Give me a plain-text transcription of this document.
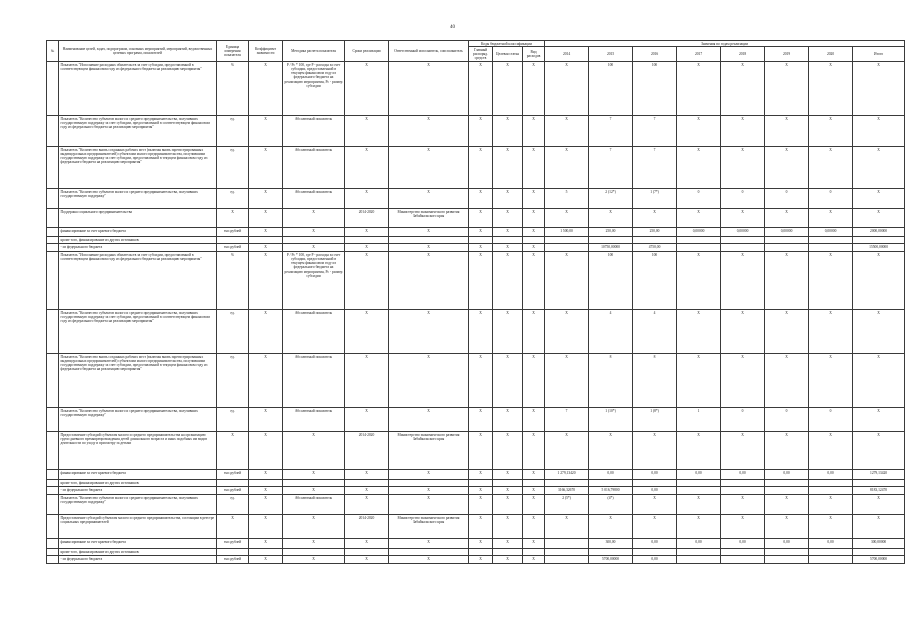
40
№	Наименование целей, задач, подпрограмм, основных мероприятий, мероприятий, ведомственных целевых программ, показателей	Единица измерения показателя	Коэффициент значимости	Методика расчета показателя	Сроки реализации	Ответственный исполнитель, соисполнитель	Коды бюджетной классификации			Значения по годам реализации							
							Главный распоряд. средств	Целевая статья	Вид расходов	2014	2015	2016	2017	2018	2019	2020	Итого
	Показатель "Исполнение расходных обязательств за счет субсидии, предоставленной в соответствующем финансовом году из федерального бюджета на реализацию мероприятия"	%	Х	P / Pc * 100, где P - расходы за счет субсидии, предоставленной в текущем финансовом году из федерального бюджета на реализацию мероприятия, Pc - размер субсидии	Х	Х	Х	Х	Х	Х	100	100	Х	Х	Х	Х	Х
	Показатель "Количество субъектов малого и среднего предпринимательства, получивших государственную поддержку за счет субсидии, предоставленной в соответствующем финансовом году из федерального бюджета на реализацию мероприятия"	ед.	Х	Абсолютный показатель	Х	Х	Х	Х	Х	Х	7	7	Х	Х	Х	Х	Х
	Показатель "Количество вновь созданных рабочих мест (включая вновь зарегистрированных индивидуальных предпринимателей) субъектами малого предпринимательства, получившими государственную поддержку за счет субсидии, предоставленной в текущем финансовом году из федерального бюджета на реализацию мероприятия"	ед.	Х	Абсолютный показатель	Х	Х	Х	Х	Х	Х	7	7	Х	Х	Х	Х	Х
	Показатель "Количество субъектов малого и среднего предпринимательства, получивших государственную поддержку"	ед.	Х	Абсолютный показатель	Х	Х	Х	Х	Х	5	2 (12*)	1 (7*)	0	0	0	0	Х
	Поддержка социального предпринимательства	Х	Х	Х	2014-2020	Министерство экономического развития Забайкальского края	Х	Х	Х	Х	Х	Х	Х	Х	Х	Х	Х
	финансирование за счет краевого бюджета	тыс.рублей	Х	Х	Х	Х	Х	Х	Х	1 500,00	250,00	250,00	0,00000	0,00000	0,00000	0,00000	2000,00000
	кроме того, финансирование из других источников:																
	- из федерального бюджета	тыс.рублей	Х	Х	Х	Х	Х	Х	Х		10750,00000	4750,00					15500,00000
	Показатель "Исполнение расходных обязательств за счет субсидии, предоставленной в соответствующем финансовом году из федерального бюджета на реализацию мероприятия"	%	Х	P / Pc * 100, где P - расходы за счет субсидии, предоставленной в текущем финансовом году из федерального бюджета на реализацию мероприятия, Pc - размер субсидии	Х	Х	Х	Х	Х	Х	100	100	Х	Х	Х	Х	Х
	Показатель "Количество субъектов малого и среднего предпринимательства, получивших государственную поддержку за счет субсидии, предоставленной в соответствующем финансовом году из федерального бюджета на реализацию мероприятия"	ед.	Х	Абсолютный показатель	Х	Х	Х	Х	Х	Х	4	4	Х	Х	Х	Х	Х
	Показатель "Количество вновь созданных рабочих мест (включая вновь зарегистрированных индивидуальных предпринимателей) субъектами малого предпринимательства, получившими государственную поддержку за счет субсидии, предоставленной в текущем финансовом году из федерального бюджета на реализацию мероприятия"	ед.	Х	Абсолютный показатель	Х	Х	Х	Х	Х	Х	8	8	Х	Х	Х	Х	Х
	Показатель "Количество субъектов малого и среднего предпринимательства, получивших государственную поддержку"	ед.	Х	Абсолютный показатель	Х	Х	Х	Х	Х	7	1 (10*)	1 (8*)	1	0	0	0	Х
	Предоставление субсидий субъектам малого и среднего предпринимательства на организацию групп дневного времяпрепровождения детей дошкольного возраста и иных подобных им видов деятельности по уходу и присмотру за детьми	Х	Х	Х	2014-2020	Министерство экономического развития Забайкальского края	Х	Х	Х	Х	Х	Х	Х	Х	Х	Х	Х
	финансирование за счет краевого бюджета	тыс.рублей	Х	Х	Х	Х	Х	Х	Х	1 279,13420	0,00	0,00	0,00	0,00	0,00	0,00	1279,13420
	кроме того, финансирование из других источников:																
	- из федерального бюджета	тыс.рублей	Х	Х	Х	Х	Х	Х	Х	3166,32670	5 016,79800	0,00					8183,12470
	Показатель "Количество субъектов малого и среднего предпринимательства, получивших государственную поддержку"	ед.	Х	Абсолютный показатель	Х	Х	Х	Х	Х	2 (5*)	(4*)	Х	Х	Х	Х	Х	Х
	Предоставление субсидий субъектам малого и среднего предпринимательства, состоящим в реестре социальных предпринимателей	Х	Х	Х	2014-2020	Министерство экономического развития Забайкальского края	Х	Х	Х	Х	Х	Х	Х	Х	Х	Х	Х
	финансирование за счет краевого бюджета	тыс.рублей	Х	Х	Х	Х	Х	Х	Х		300,00	0,00	0,00	0,00	0,00	0,00	300,00000
	кроме того, финансирование из других источников:																
	- из федерального бюджета	тыс.рублей	Х	Х	Х	Х	Х	Х	Х		5700,00000	0,00					5700,00000
